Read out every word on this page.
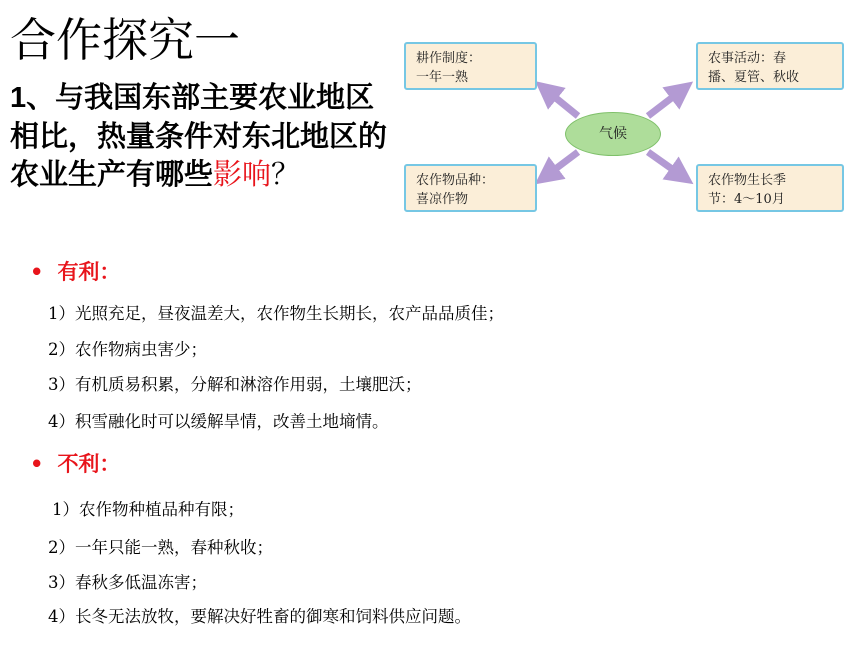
合作探究一
1、与我国东部主要农业地区相比，热量条件对东北地区的农业生产有哪些影响？
耕作制度：
一年一熟
农事活动：春
播、夏管、秋收
农作物品种：
喜凉作物
农作物生长季
节：4～10月
气候
• 有利：
1）光照充足，昼夜温差大，农作物生长期长，农产品品质佳；
2）农作物病虫害少；
3）有机质易积累，分解和淋溶作用弱，土壤肥沃；
4）积雪融化时可以缓解旱情，改善土地墒情。
• 不利：
1）农作物种植品种有限；
2）一年只能一熟，春种秋收；
3）春秋多低温冻害；
4）长冬无法放牧，要解决好牲畜的御寒和饲料供应问题。
